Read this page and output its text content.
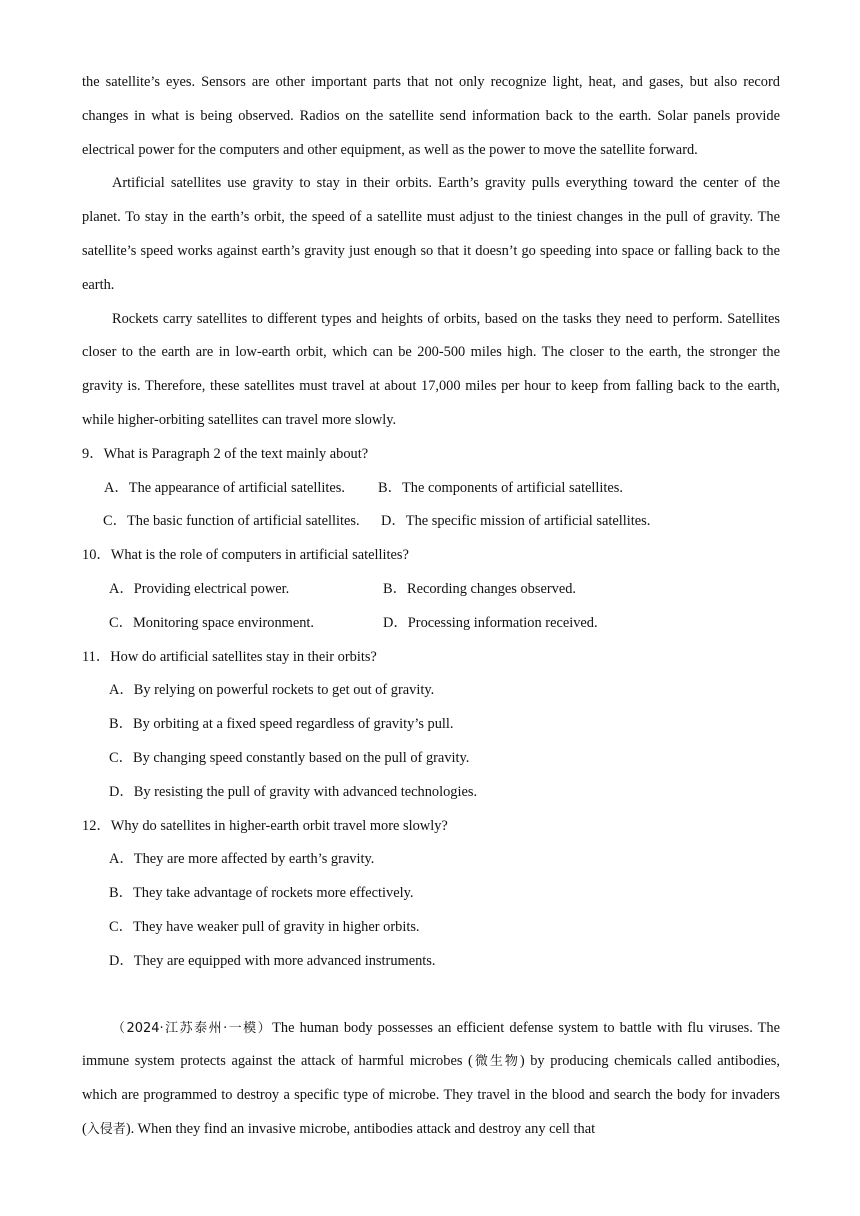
the satellite’s eyes. Sensors are other important parts that not only recognize light, heat, and gases, but also record changes in what is being observed. Radios on the satellite send information back to the earth. Solar panels provide electrical power for the computers and other equipment, as well as the power to move the satellite forward.

Artificial satellites use gravity to stay in their orbits. Earth’s gravity pulls everything toward the center of the planet. To stay in the earth’s orbit, the speed of a satellite must adjust to the tiniest changes in the pull of gravity. The satellite’s speed works against earth’s gravity just enough so that it doesn’t go speeding into space or falling back to the earth.

Rockets carry satellites to different types and heights of orbits, based on the tasks they need to perform. Satellites closer to the earth are in low-earth orbit, which can be 200-500 miles high. The closer to the earth, the stronger the gravity is. Therefore, these satellites must travel at about 17,000 miles per hour to keep from falling back to the earth, while higher-orbiting satellites can travel more slowly.

9．What is Paragraph 2 of the text mainly about?

A．The appearance of artificial satellites.	B．The components of artificial satellites.
C．The basic function of artificial satellites.	D．The specific mission of artificial satellites.

10．What is the role of computers in artificial satellites?

A．Providing electrical power.	B．Recording changes observed.
C．Monitoring space environment.	D．Processing information received.

11．How do artificial satellites stay in their orbits?

A．By relying on powerful rockets to get out of gravity.
B．By orbiting at a fixed speed regardless of gravity’s pull.
C．By changing speed constantly based on the pull of gravity.
D．By resisting the pull of gravity with advanced technologies.

12．Why do satellites in higher-earth orbit travel more slowly?

A．They are more affected by earth’s gravity.
B．They take advantage of rockets more effectively.
C．They have weaker pull of gravity in higher orbits.
D．They are equipped with more advanced instruments.

（2024·江苏泰州·一模）The human body possesses an efficient defense system to battle with flu viruses. The immune system protects against the attack of harmful microbes (微生物) by producing chemicals called antibodies, which are programmed to destroy a specific type of microbe. They travel in the blood and search the body for invaders (入侵者). When they find an invasive microbe, antibodies attack and destroy any cell that
